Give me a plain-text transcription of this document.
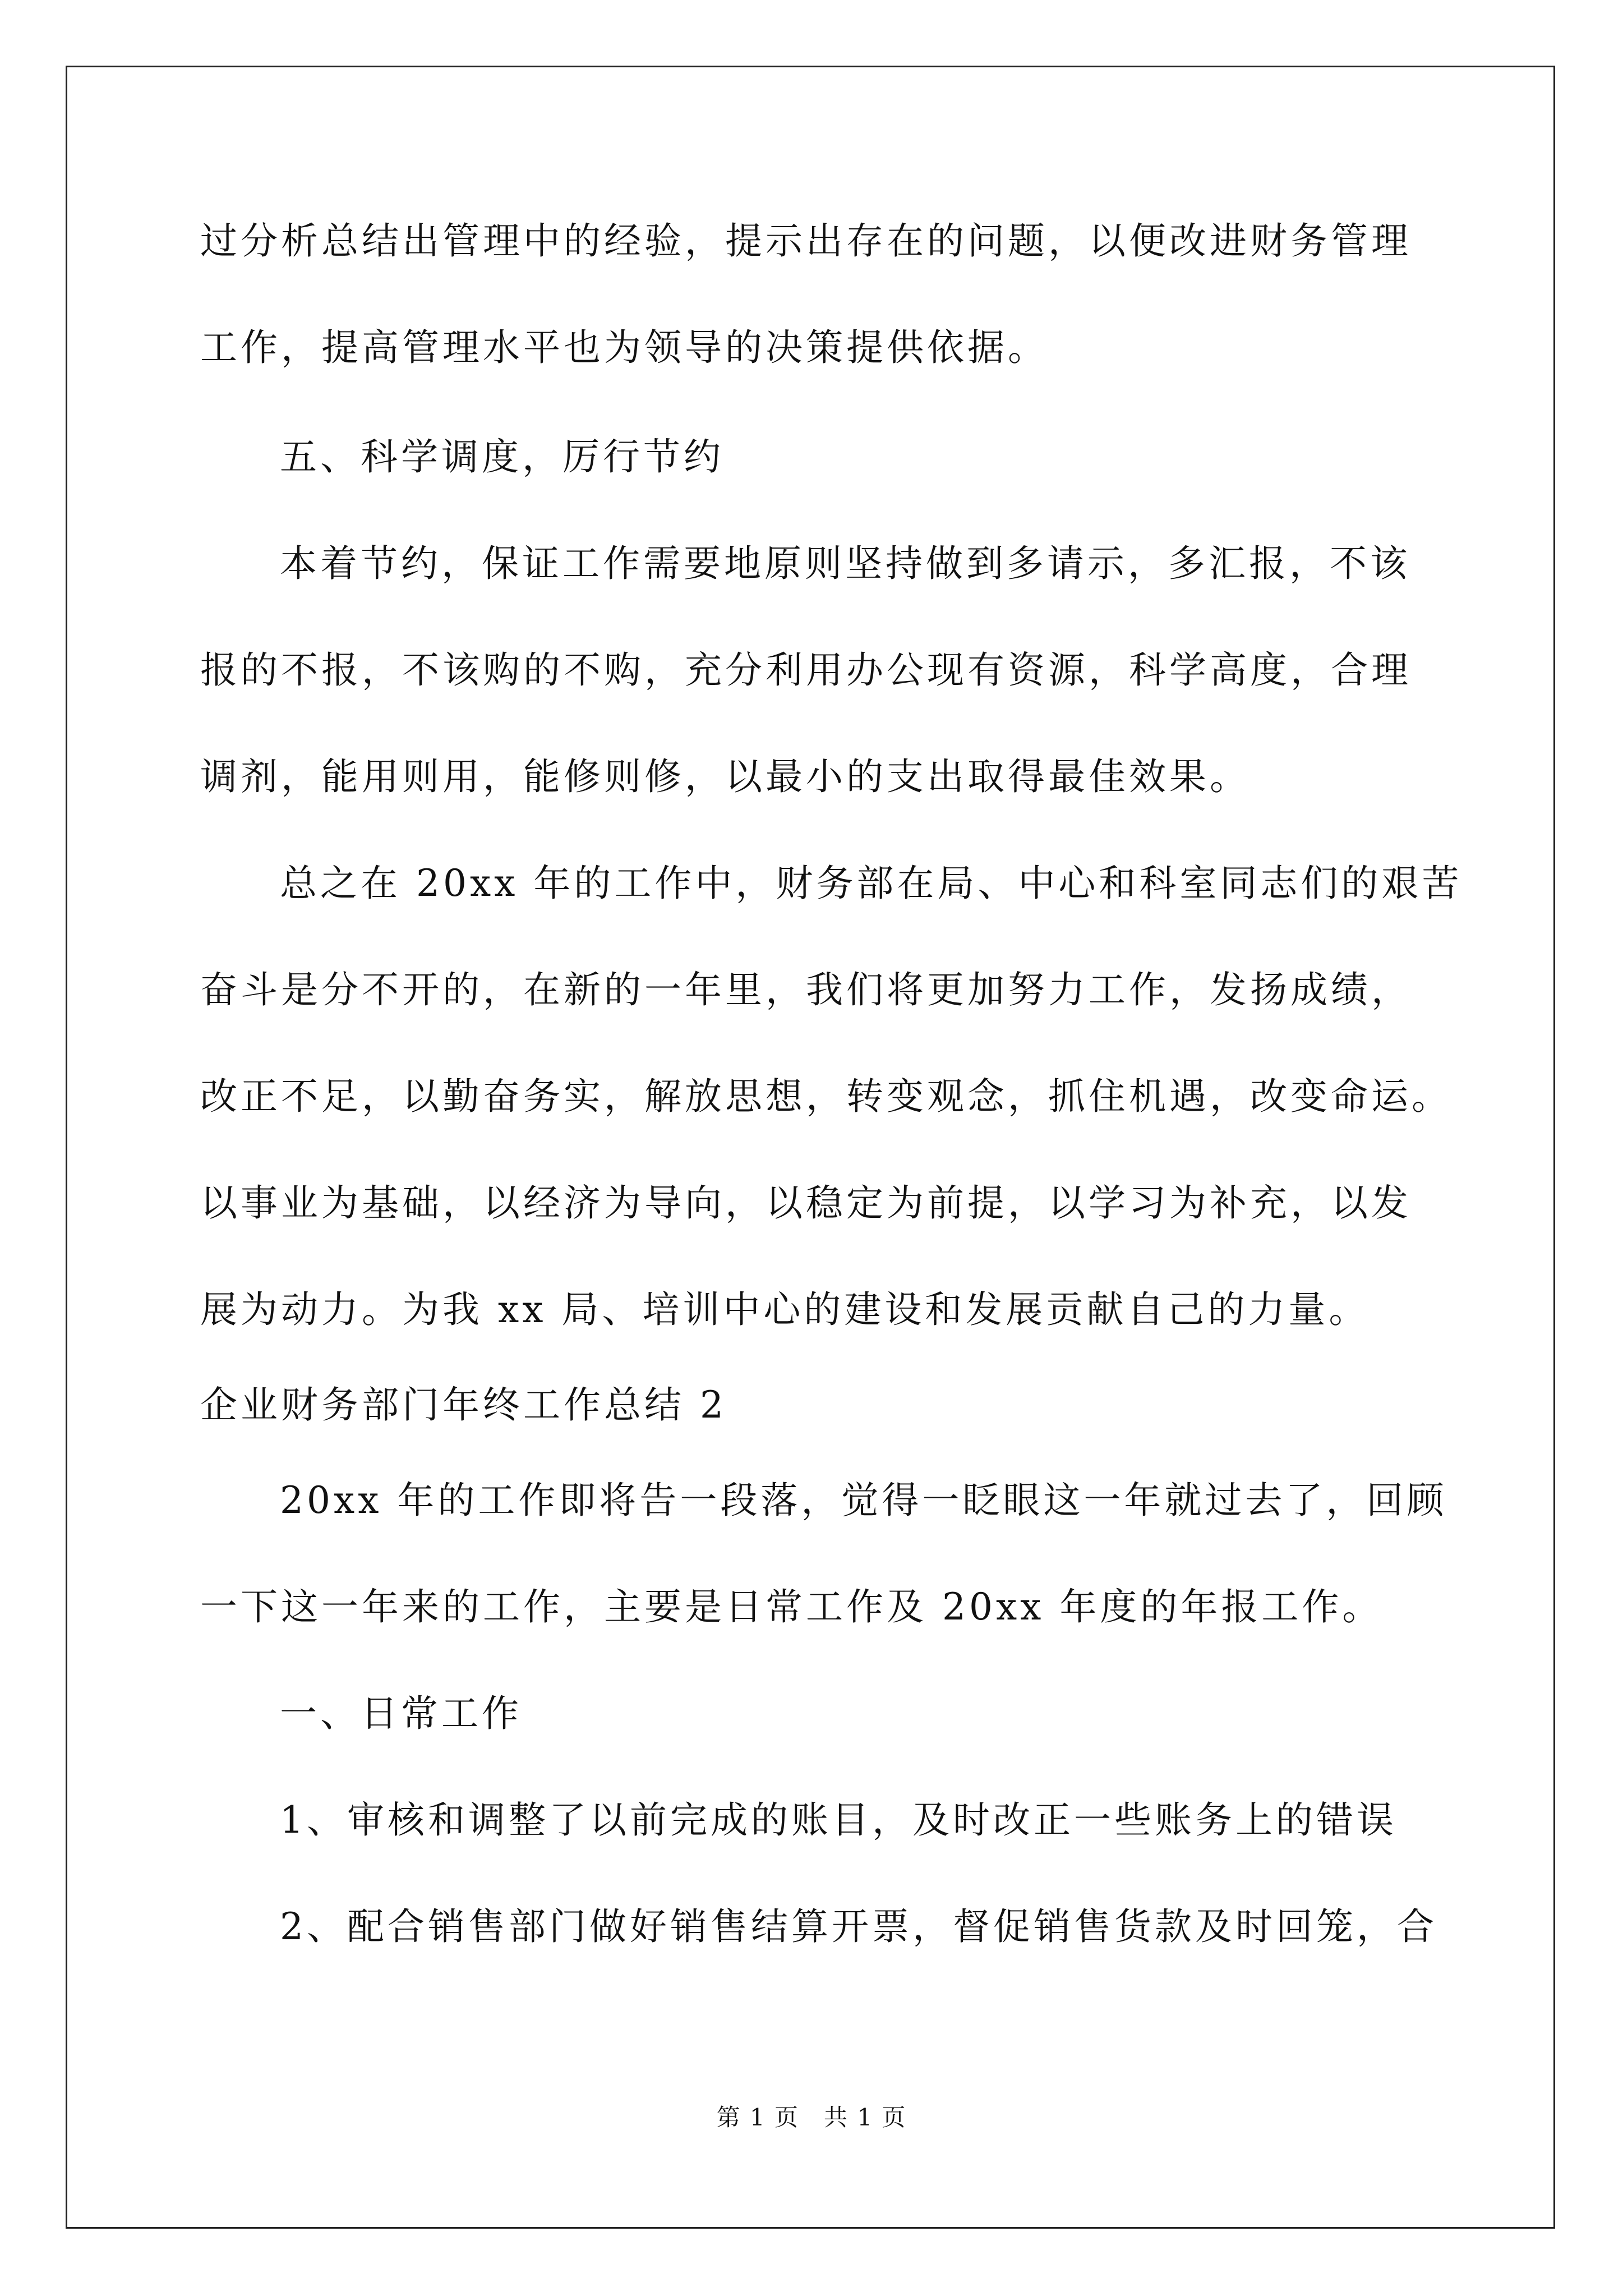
过分析总结出管理中的经验，提示出存在的问题，以便改进财务管理
工作，提高管理水平也为领导的决策提供依据。
五、科学调度，厉行节约
本着节约，保证工作需要地原则坚持做到多请示，多汇报，不该
报的不报，不该购的不购，充分利用办公现有资源，科学高度，合理
调剂，能用则用，能修则修，以最小的支出取得最佳效果。
总之在 20xx 年的工作中，财务部在局、中心和科室同志们的艰苦
奋斗是分不开的，在新的一年里，我们将更加努力工作，发扬成绩，
改正不足，以勤奋务实，解放思想，转变观念，抓住机遇，改变命运。
以事业为基础，以经济为导向，以稳定为前提，以学习为补充，以发
展为动力。为我 xx 局、培训中心的建设和发展贡献自己的力量。
企业财务部门年终工作总结 2
20xx 年的工作即将告一段落，觉得一眨眼这一年就过去了，回顾
一下这一年来的工作，主要是日常工作及 20xx 年度的年报工作。
一、日常工作
1、审核和调整了以前完成的账目，及时改正一些账务上的错误
2、配合销售部门做好销售结算开票，督促销售货款及时回笼，合
第 1 页　共 1 页
